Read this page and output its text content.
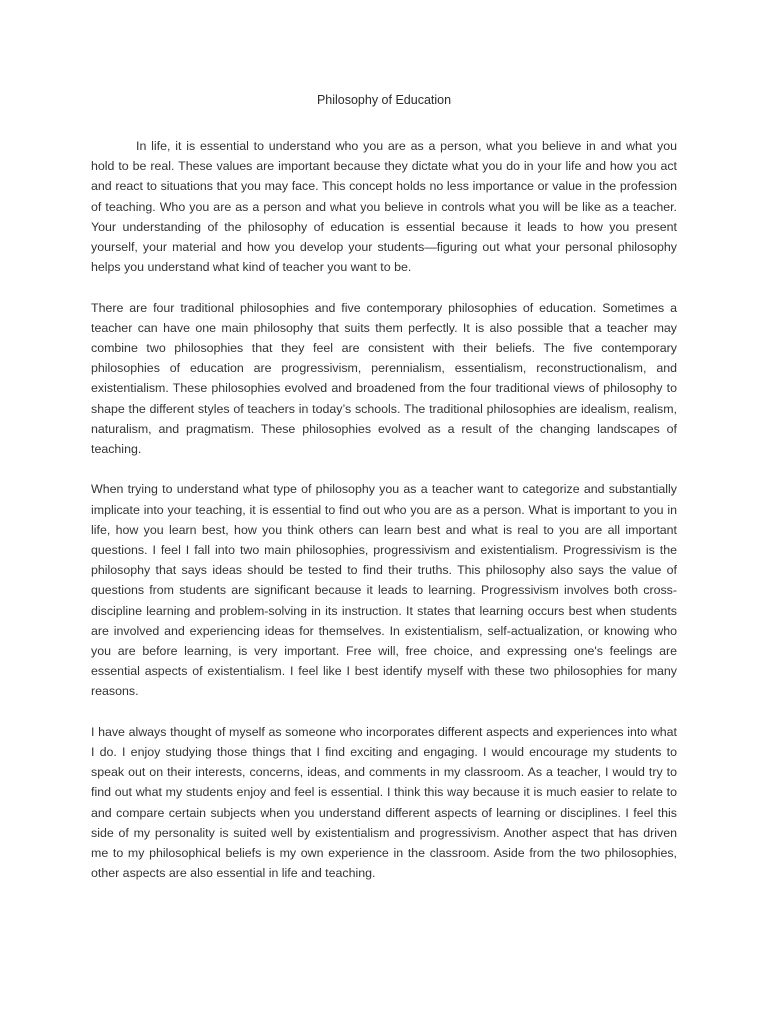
Philosophy of Education

In life, it is essential to understand who you are as a person, what you believe in and what you hold to be real. These values are important because they dictate what you do in your life and how you act and react to situations that you may face. This concept holds no less importance or value in the profession of teaching. Who you are as a person and what you believe in controls what you will be like as a teacher. Your understanding of the philosophy of education is essential because it leads to how you present yourself, your material and how you develop your students—figuring out what your personal philosophy helps you understand what kind of teacher you want to be.

There are four traditional philosophies and five contemporary philosophies of education. Sometimes a teacher can have one main philosophy that suits them perfectly. It is also possible that a teacher may combine two philosophies that they feel are consistent with their beliefs. The five contemporary philosophies of education are progressivism, perennialism, essentialism, reconstructionalism, and existentialism. These philosophies evolved and broadened from the four traditional views of philosophy to shape the different styles of teachers in today’s schools. The traditional philosophies are idealism, realism, naturalism, and pragmatism. These philosophies evolved as a result of the changing landscapes of teaching.

When trying to understand what type of philosophy you as a teacher want to categorize and substantially implicate into your teaching, it is essential to find out who you are as a person. What is important to you in life, how you learn best, how you think others can learn best and what is real to you are all important questions. I feel I fall into two main philosophies, progressivism and existentialism. Progressivism is the philosophy that says ideas should be tested to find their truths. This philosophy also says the value of questions from students are significant because it leads to learning. Progressivism involves both cross-discipline learning and problem-solving in its instruction. It states that learning occurs best when students are involved and experiencing ideas for themselves. In existentialism, self-actualization, or knowing who you are before learning, is very important. Free will, free choice, and expressing one's feelings are essential aspects of existentialism. I feel like I best identify myself with these two philosophies for many reasons.

I have always thought of myself as someone who incorporates different aspects and experiences into what I do. I enjoy studying those things that I find exciting and engaging. I would encourage my students to speak out on their interests, concerns, ideas, and comments in my classroom. As a teacher, I would try to find out what my students enjoy and feel is essential. I think this way because it is much easier to relate to and compare certain subjects when you understand different aspects of learning or disciplines. I feel this side of my personality is suited well by existentialism and progressivism. Another aspect that has driven me to my philosophical beliefs is my own experience in the classroom. Aside from the two philosophies, other aspects are also essential in life and teaching.
